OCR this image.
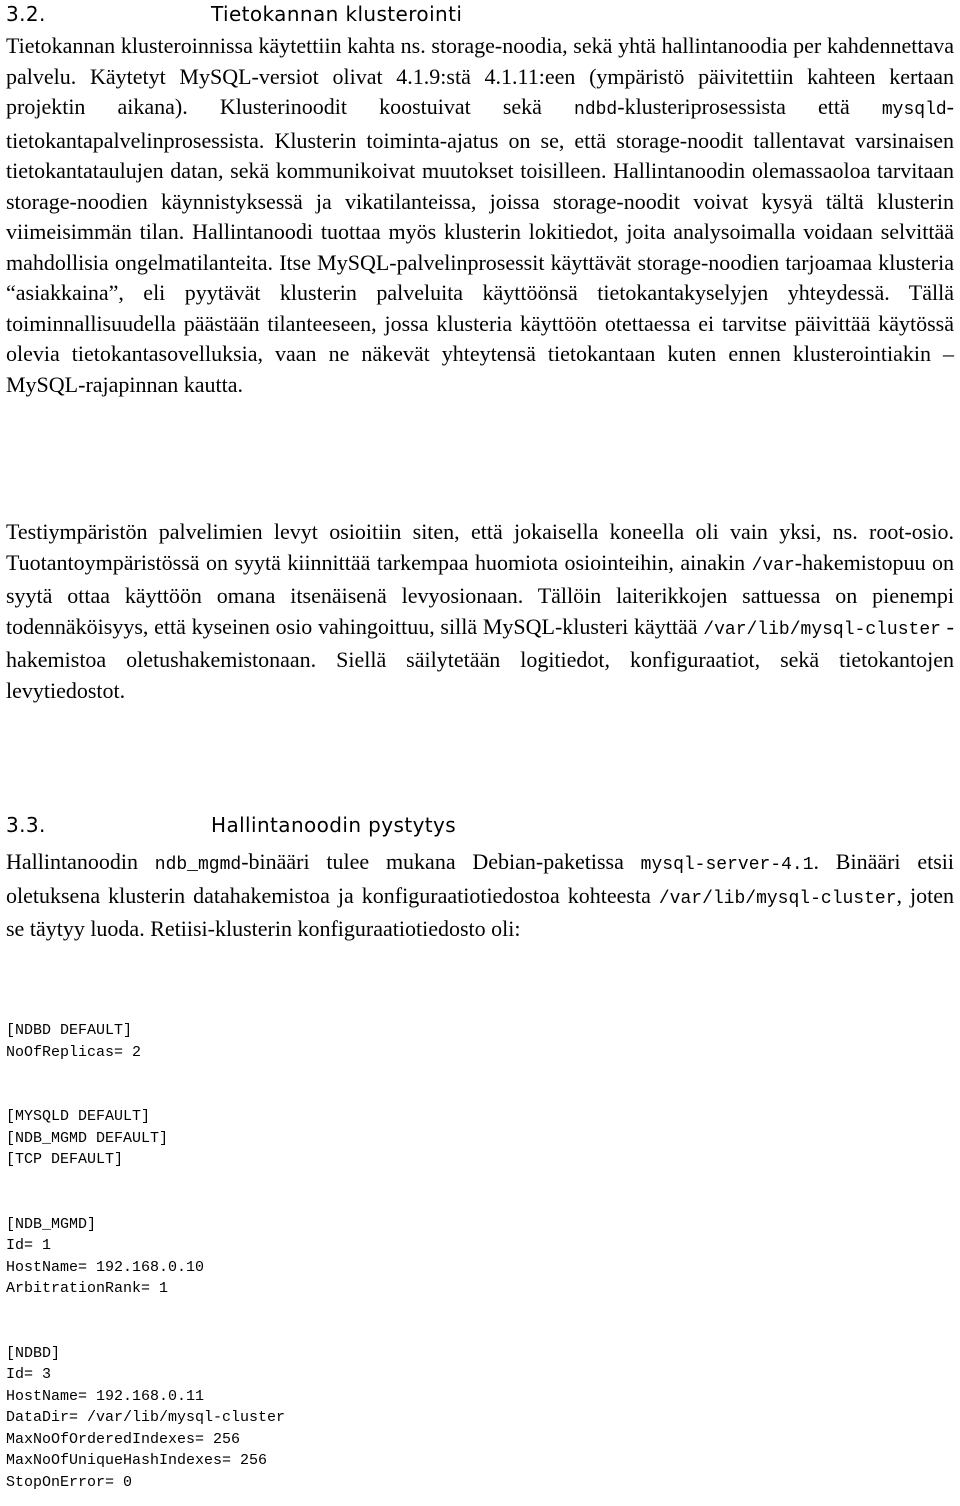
3.2.	Tietokannan klusterointi

Tietokannan klusteroinnissa käytettiin kahta ns. storage-noodia, sekä yhtä hallintanoodia per kahdennettava palvelu. Käytetyt MySQL-versiot olivat 4.1.9:stä 4.1.11:een (ympäristö päivitettiin kahteen kertaan projektin aikana). Klusterinoodit koostuivat sekä ndbd-klusteriprosessista että mysqld-tietokantapalvelinprosessista. Klusterin toiminta-ajatus on se, että storage-noodit tallentavat varsinaisen tietokantataulujen datan, sekä kommunikoivat muutokset toisilleen. Hallintanoodin olemassaoloa tarvitaan storage-noodien käynnistyksessä ja vikatilanteissa, joissa storage-noodit voivat kysyä tältä klusterin viimeisimmän tilan. Hallintanoodi tuottaa myös klusterin lokitiedot, joita analysoimalla voidaan selvittää mahdollisia ongelmatilanteita. Itse MySQL-palvelinprosessit käyttävät storage-noodien tarjoamaa klusteria “asiakkaina”, eli pyytävät klusterin palveluita käyttöönsä tietokantakyselyjen yhteydessä. Tällä toiminnallisuudella päästään tilanteeseen, jossa klusteria käyttöön otettaessa ei tarvitse päivittää käytössä olevia tietokantasovelluksia, vaan ne näkevät yhteytensä tietokantaan kuten ennen klusterointiakin – MySQL-rajapinnan kautta.

Testiympäristön palvelimien levyt osioitiin siten, että jokaisella koneella oli vain yksi, ns. root-osio. Tuotantoympäristössä on syytä kiinnittää tarkempaa huomiota osiointeihin, ainakin /var-hakemistopuu on syytä ottaa käyttöön omana itsenäisenä levyosionaan. Tällöin laiterikkojen sattuessa on pienempi todennäköisyys, että kyseinen osio vahingoittuu, sillä MySQL-klusteri käyttää /var/lib/mysql-cluster -hakemistoa oletushakemistonaan. Siellä säilytetään logitiedot, konfiguraatiot, sekä tietokantojen levytiedostot.

3.3.	Hallintanoodin pystytys

Hallintanoodin ndb_mgmd-binääri tulee mukana Debian-paketissa mysql-server-4.1. Binääri etsii oletuksena klusterin datahakemistoa ja konfiguraatiotiedostoa kohteesta /var/lib/mysql-cluster, joten se täytyy luoda. Retiisi-klusterin konfiguraatiotiedosto oli:

[NDBD DEFAULT]
NoOfReplicas= 2
[MYSQLD DEFAULT]
[NDB_MGMD DEFAULT]
[TCP DEFAULT]
[NDB_MGMD]
Id= 1
HostName= 192.168.0.10
ArbitrationRank= 1
[NDBD]
Id= 3
HostName= 192.168.0.11
DataDir= /var/lib/mysql-cluster
MaxNoOfOrderedIndexes= 256
MaxNoOfUniqueHashIndexes= 256
StopOnError= 0
